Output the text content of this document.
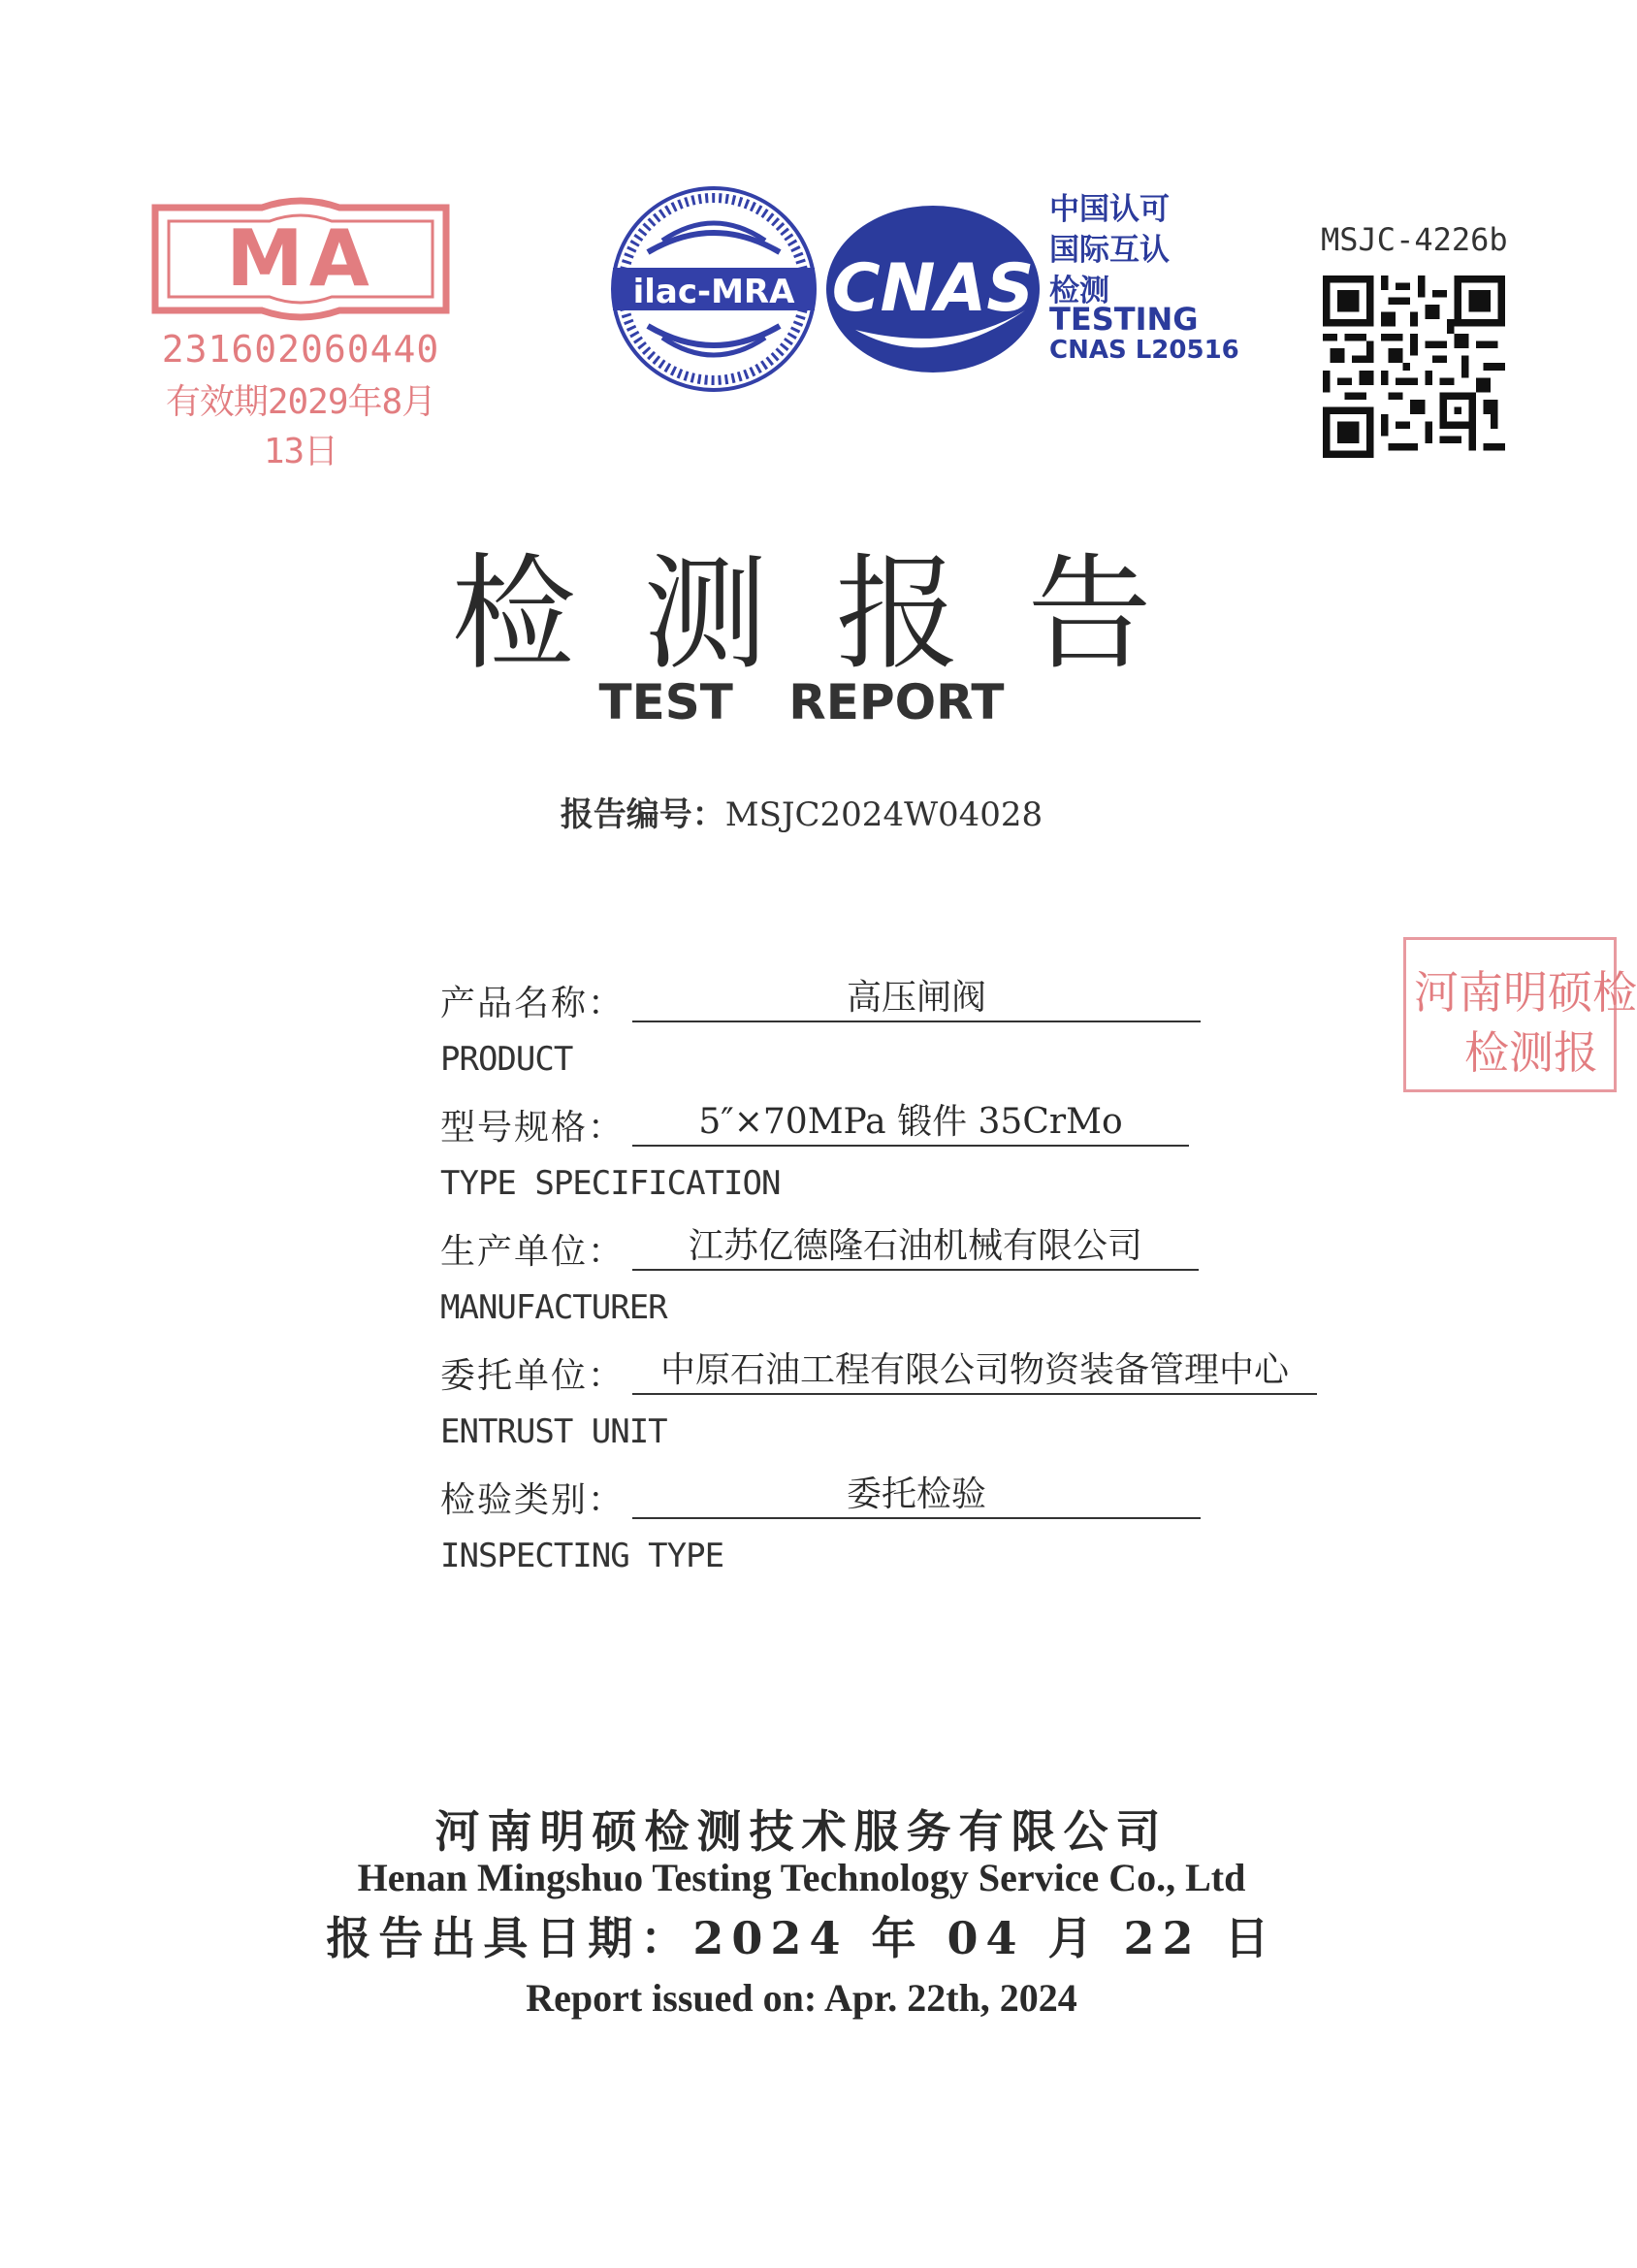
MA
231602060440
有效期2029年8月13日
ilac-MRA CNAS
中国认可
国际互认
检测
TESTING
CNAS L20516
MSJC-4226b
检测报告
TEST REPORT
报告编号：MSJC2024W04028
河南明硕检
检测报
产品名称：	高压闸阀
PRODUCT
型号规格：	5″×70MPa 锻件 35CrMo
TYPE SPECIFICATION
生产单位：	江苏亿德隆石油机械有限公司
MANUFACTURER
委托单位：	中原石油工程有限公司物资装备管理中心
ENTRUST UNIT
检验类别：	委托检验
INSPECTING TYPE
河南明硕检测技术服务有限公司
Henan Mingshuo Testing Technology Service Co., Ltd
报告出具日期：2024 年 04 月 22 日
Report issued on: Apr. 22th, 2024
